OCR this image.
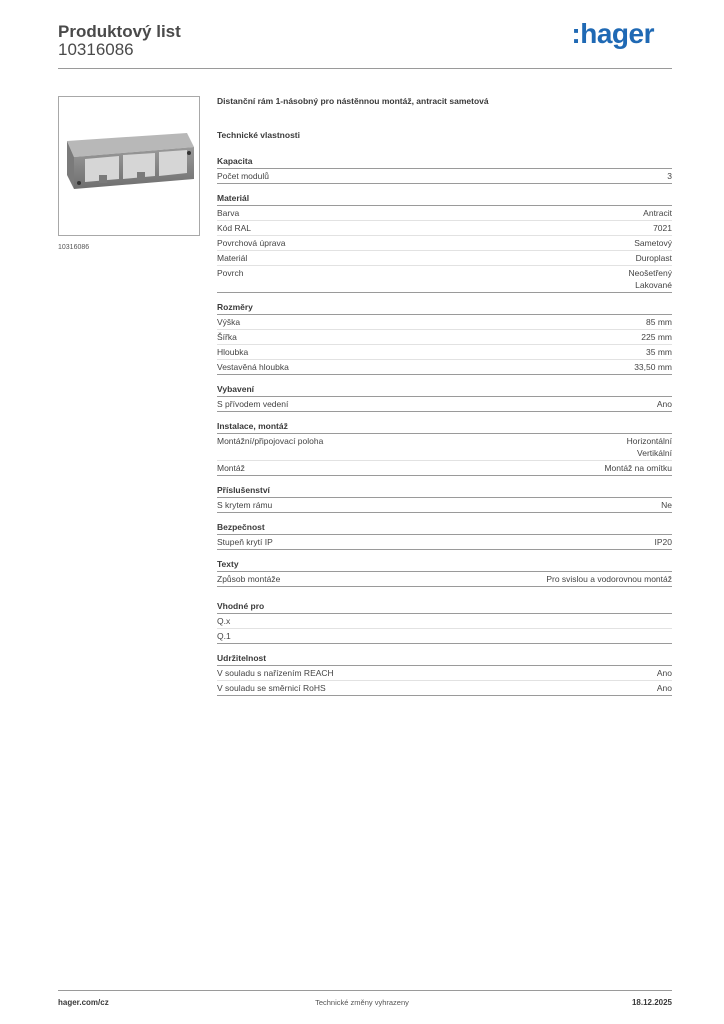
Produktový list
10316086
:hager
10316086
Distanční rám 1-násobný pro nástěnnou montáž, antracit sametová
Technické vlastnosti
Kapacita
Počet modulů	3
Materiál
Barva	Antracit
Kód RAL	7021
Povrchová úprava	Sametový
Materiál	Duroplast
Povrch	Neošetřený
Lakované
Rozměry
Výška	85 mm
Šířka	225 mm
Hloubka	35 mm
Vestavěná hloubka	33,50 mm
Vybavení
S přívodem vedení	Ano
Instalace, montáž
Montážní/připojovací poloha	Horizontální
Vertikální
Montáž	Montáž na omítku
Příslušenství
S krytem rámu	Ne
Bezpečnost
Stupeň krytí IP	IP20
Texty
Způsob montáže	Pro svislou a vodorovnou montáž
Vhodné pro
Q.x
Q.1
Udržitelnost
V souladu s nařízením REACH	Ano
V souladu se směrnicí RoHS	Ano
hager.com/cz	Technické změny vyhrazeny	18.12.2025
